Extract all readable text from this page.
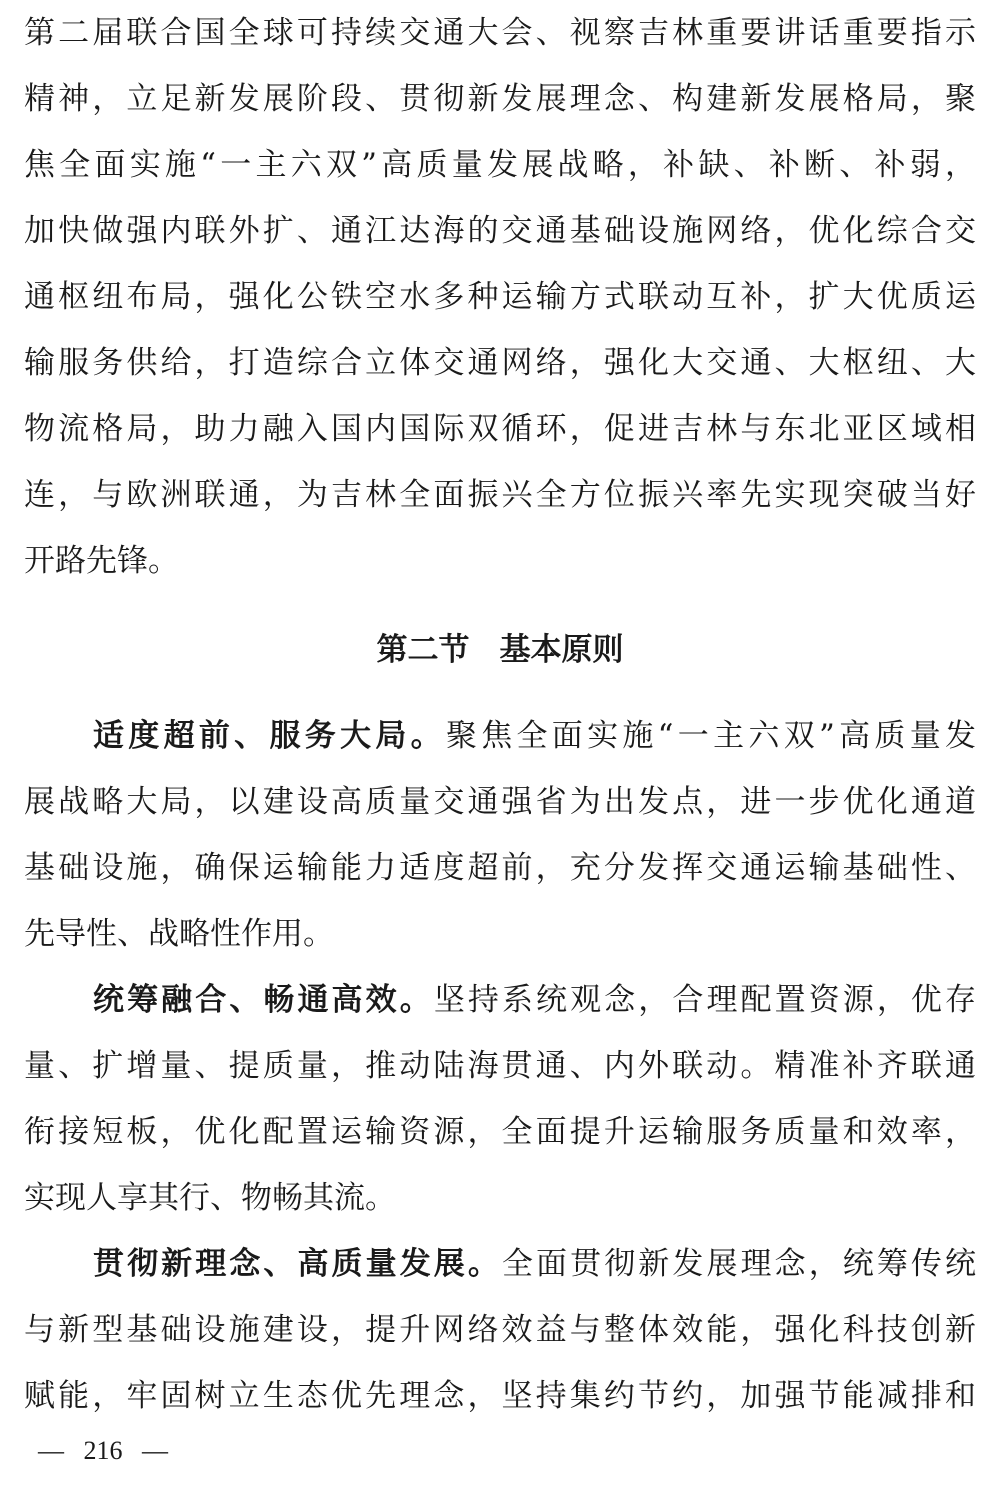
第二届联合国全球可持续交通大会、视察吉林重要讲话重要指示
精神，立足新发展阶段、贯彻新发展理念、构建新发展格局，聚
焦全面实施“一主六双”高质量发展战略，补缺、补断、补弱，
加快做强内联外扩、通江达海的交通基础设施网络，优化综合交
通枢纽布局，强化公铁空水多种运输方式联动互补，扩大优质运
输服务供给，打造综合立体交通网络，强化大交通、大枢纽、大
物流格局，助力融入国内国际双循环，促进吉林与东北亚区域相
连，与欧洲联通，为吉林全面振兴全方位振兴率先实现突破当好
开路先锋。
第二节 基本原则
适度超前、服务大局。聚焦全面实施“一主六双”高质量发
展战略大局，以建设高质量交通强省为出发点，进一步优化通道
基础设施，确保运输能力适度超前，充分发挥交通运输基础性、
先导性、战略性作用。
统筹融合、畅通高效。坚持系统观念，合理配置资源，优存
量、扩增量、提质量，推动陆海贯通、内外联动。精准补齐联通
衔接短板，优化配置运输资源，全面提升运输服务质量和效率，
实现人享其行、物畅其流。
贯彻新理念、高质量发展。全面贯彻新发展理念，统筹传统
与新型基础设施建设，提升网络效益与整体效能，强化科技创新
赋能，牢固树立生态优先理念，坚持集约节约，加强节能减排和
— 216 —
